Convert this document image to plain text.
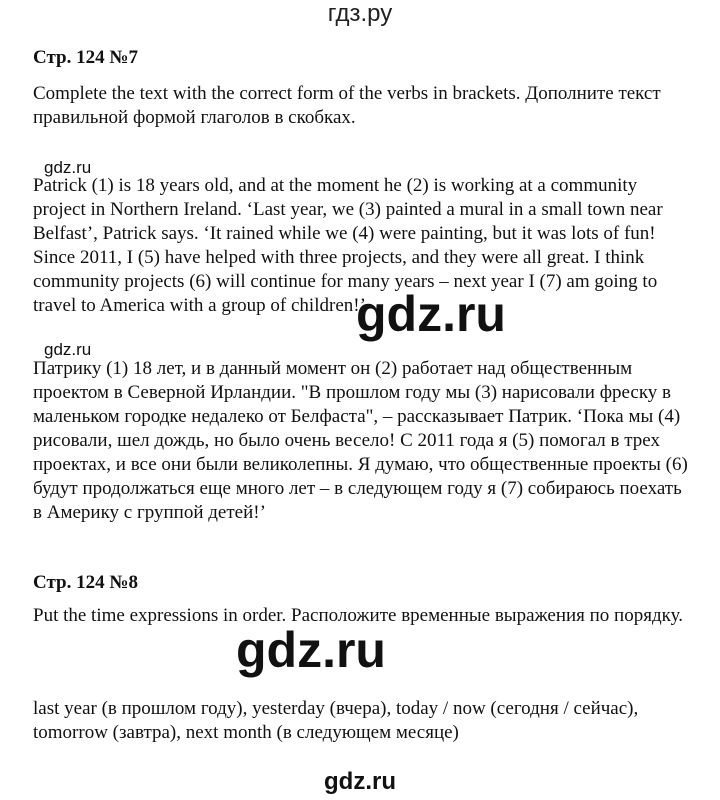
гдз.ру
Стр. 124 №7

Complete the text with the correct form of the verbs in brackets. Дополните текст правильной формой глаголов в скобках.

gdz.ru

Patrick (1) is 18 years old, and at the moment he (2) is working at a community project in Northern Ireland. ‘Last year, we (3) painted a mural in a small town near Belfast’, Patrick says. ‘It rained while we (4) were painting, but it was lots of fun! Since 2011, I (5) have helped with three projects, and they were all great. I think community projects (6) will continue for many years – next year I (7) am going to travel to America with a group of children!’

gdz.ru
gdz.ru

Патрику (1) 18 лет, и в данный момент он (2) работает над общественным проектом в Северной Ирландии. "В прошлом году мы (3) нарисовали фреску в маленьком городке недалеко от Белфаста", – рассказывает Патрик. ‘Пока мы (4) рисовали, шел дождь, но было очень весело! С 2011 года я (5) помогал в трех проектах, и все они были великолепны. Я думаю, что общественные проекты (6) будут продолжаться еще много лет – в следующем году я (7) собираюсь поехать в Америку с группой детей!’

Стр. 124 №8

Put the time expressions in order. Расположите временные выражения по порядку.

gdz.ru

last year (в прошлом году), yesterday (вчера), today / now (сегодня / сейчас), tomorrow (завтра), next month (в следующем месяце)

gdz.ru
